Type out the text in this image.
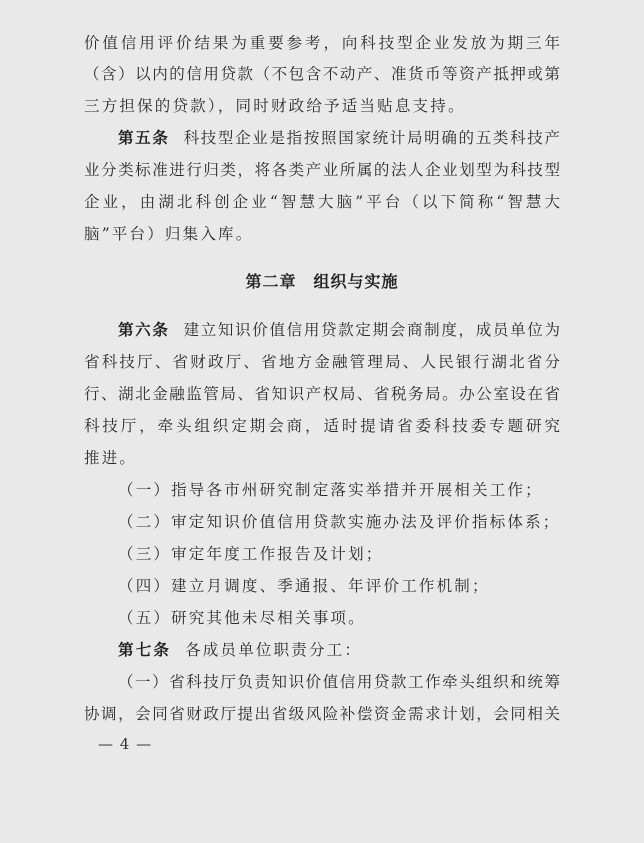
价值信用评价结果为重要参考，向科技型企业发放为期三年
（含）以内的信用贷款（不包含不动产、准货币等资产抵押或第
三方担保的贷款），同时财政给予适当贴息支持。
第五条 科技型企业是指按照国家统计局明确的五类科技产
业分类标准进行归类，将各类产业所属的法人企业划型为科技型
企业，由湖北科创企业“智慧大脑”平台（以下简称“智慧大
脑”平台）归集入库。
第二章　组织与实施
第六条 建立知识价值信用贷款定期会商制度，成员单位为
省科技厅、省财政厅、省地方金融管理局、人民银行湖北省分
行、湖北金融监管局、省知识产权局、省税务局。办公室设在省
科技厅，牵头组织定期会商，适时提请省委科技委专题研究
推进。
（一）指导各市州研究制定落实举措并开展相关工作；
（二）审定知识价值信用贷款实施办法及评价指标体系；
（三）审定年度工作报告及计划；
（四）建立月调度、季通报、年评价工作机制；
（五）研究其他未尽相关事项。
第七条 各成员单位职责分工：
（一）省科技厅负责知识价值信用贷款工作牵头组织和统筹
协调，会同省财政厅提出省级风险补偿资金需求计划，会同相关
— 4 —
